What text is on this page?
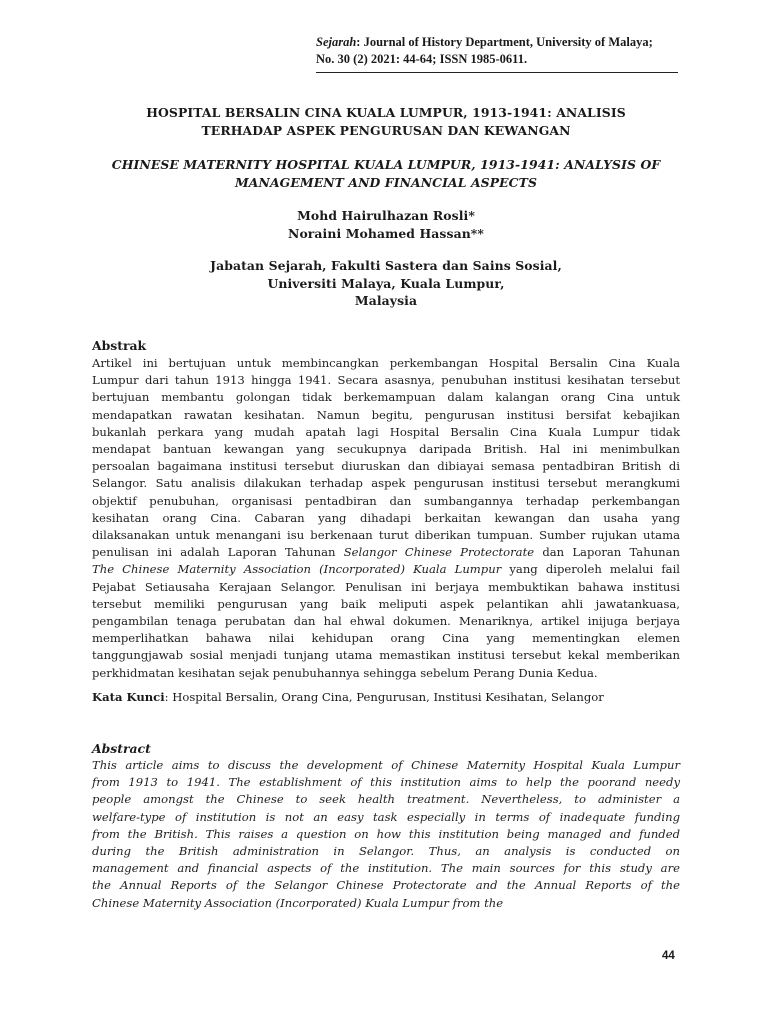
Sejarah: Journal of History Department, University of Malaya;
No. 30 (2) 2021: 44-64; ISSN 1985-0611.
HOSPITAL BERSALIN CINA KUALA LUMPUR, 1913-1941: ANALISIS
TERHADAP ASPEK PENGURUSAN DAN KEWANGAN
CHINESE MATERNITY HOSPITAL KUALA LUMPUR, 1913-1941: ANALYSIS OF
MANAGEMENT AND FINANCIAL ASPECTS
Mohd Hairulhazan Rosli*
Noraini Mohamed Hassan**
Jabatan Sejarah, Fakulti Sastera dan Sains Sosial,
Universiti Malaya, Kuala Lumpur,
Malaysia
Abstrak
Artikel ini bertujuan untuk membincangkan perkembangan Hospital Bersalin Cina Kuala
Lumpur dari tahun 1913 hingga 1941. Secara asasnya, penubuhan institusi kesihatan tersebut
bertujuan membantu golongan tidak berkemampuan dalam kalangan orang Cina untuk
mendapatkan rawatan kesihatan. Namun begitu, pengurusan institusi bersifat kebajikan
bukanlah perkara yang mudah apatah lagi Hospital Bersalin Cina Kuala Lumpur tidak
mendapat bantuan kewangan yang secukupnya daripada British. Hal ini menimbulkan
persoalan bagaimana institusi tersebut diuruskan dan dibiayai semasa pentadbiran British di
Selangor. Satu analisis dilakukan terhadap aspek pengurusan institusi tersebut merangkumi
objektif penubuhan, organisasi pentadbiran dan sumbangannya terhadap perkembangan
kesihatan orang Cina. Cabaran yang dihadapi berkaitan kewangan dan usaha yang
dilaksanakan untuk menangani isu berkenaan turut diberikan tumpuan. Sumber rujukan utama
penulisan ini adalah Laporan Tahunan Selangor Chinese Protectorate dan Laporan Tahunan
The Chinese Maternity Association (Incorporated) Kuala Lumpur yang diperoleh melalui fail
Pejabat Setiausaha Kerajaan Selangor. Penulisan ini berjaya membuktikan bahawa institusi
tersebut memiliki pengurusan yang baik meliputi aspek pelantikan ahli jawatankuasa,
pengambilan tenaga perubatan dan hal ehwal dokumen. Menariknya, artikel inijuga berjaya
memperlihatkan bahawa nilai kehidupan orang Cina yang mementingkan elemen
tanggungjawab sosial menjadi tunjang utama memastikan institusi tersebut kekal memberikan
perkhidmatan kesihatan sejak penubuhannya sehingga sebelum Perang Dunia Kedua.
Kata Kunci: Hospital Bersalin, Orang Cina, Pengurusan, Institusi Kesihatan, Selangor
Abstract
This article aims to discuss the development of Chinese Maternity Hospital Kuala Lumpur
from 1913 to 1941. The establishment of this institution aims to help the poorand needy
people amongst the Chinese to seek health treatment. Nevertheless, to administer a
welfare-type of institution is not an easy task especially in terms of inadequate funding
from the British. This raises a question on how this institution being managed and funded
during the British administration in Selangor. Thus, an analysis is conducted on
management and financial aspects of the institution. The main sources for this study are
the Annual Reports of the Selangor Chinese Protectorate and the Annual Reports of the
Chinese Maternity Association (Incorporated) Kuala Lumpur from the
44
